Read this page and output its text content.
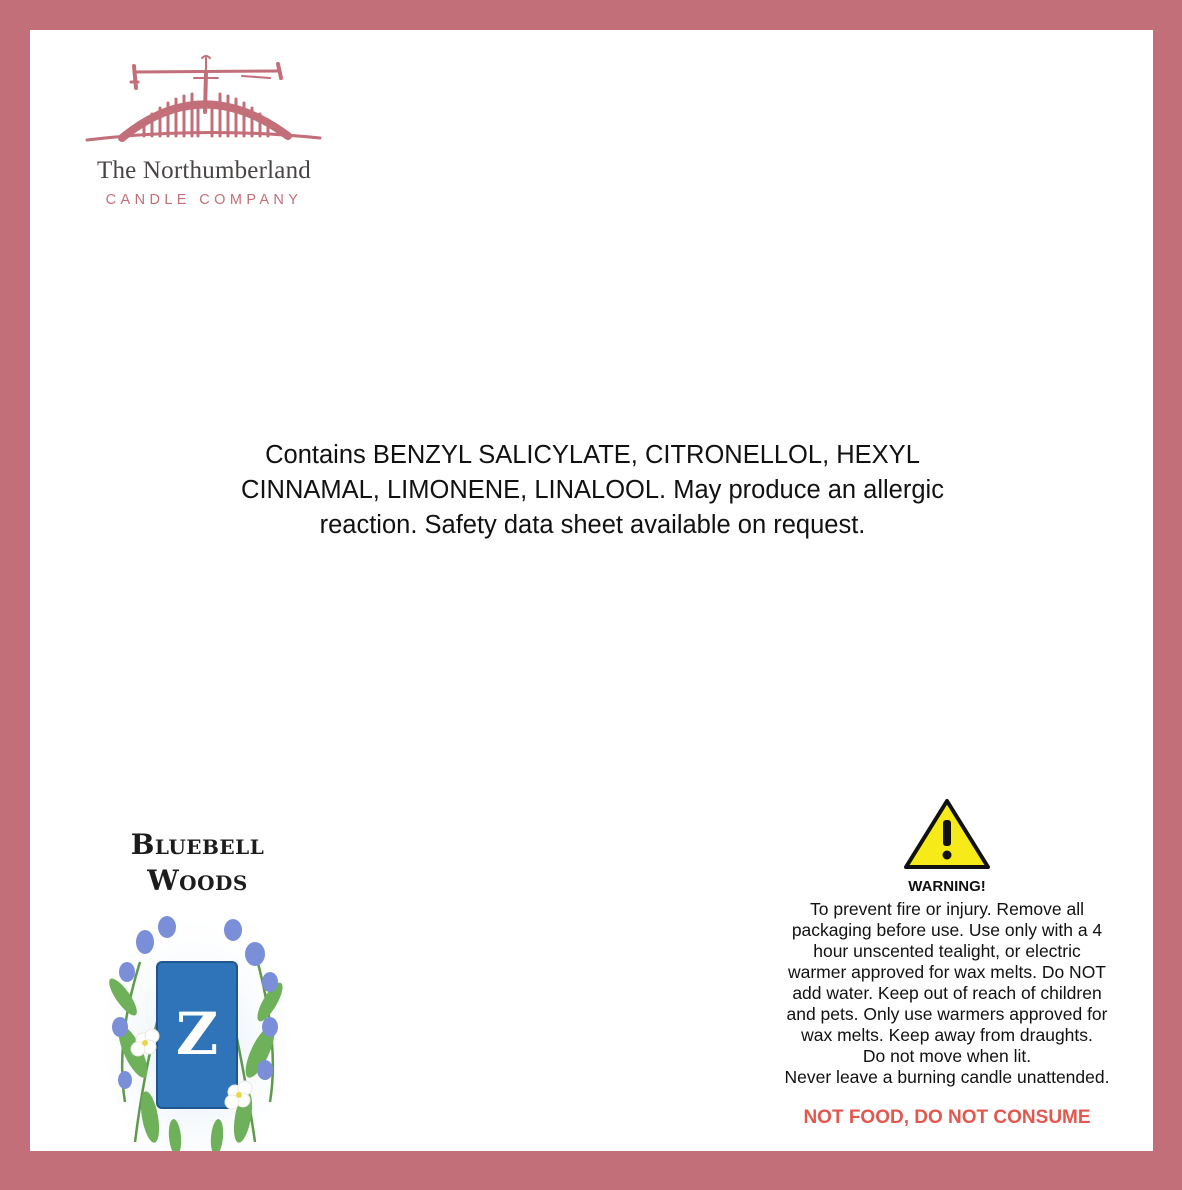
The Northumberland
CANDLE COMPANY
Contains BENZYL SALICYLATE, CITRONELLOL, HEXYL CINNAMAL, LIMONENE, LINALOOL. May produce an allergic reaction. Safety data sheet available on request.
Bluebell
Woods
Z
WARNING!
To prevent fire or injury. Remove all
packaging before use. Use only with a 4
hour unscented tealight, or electric
warmer approved for wax melts. Do NOT
add water. Keep out of reach of children
and pets. Only use warmers approved for
wax melts. Keep away from draughts.
Do not move when lit.
Never leave a burning candle unattended.
NOT FOOD, DO NOT CONSUME
